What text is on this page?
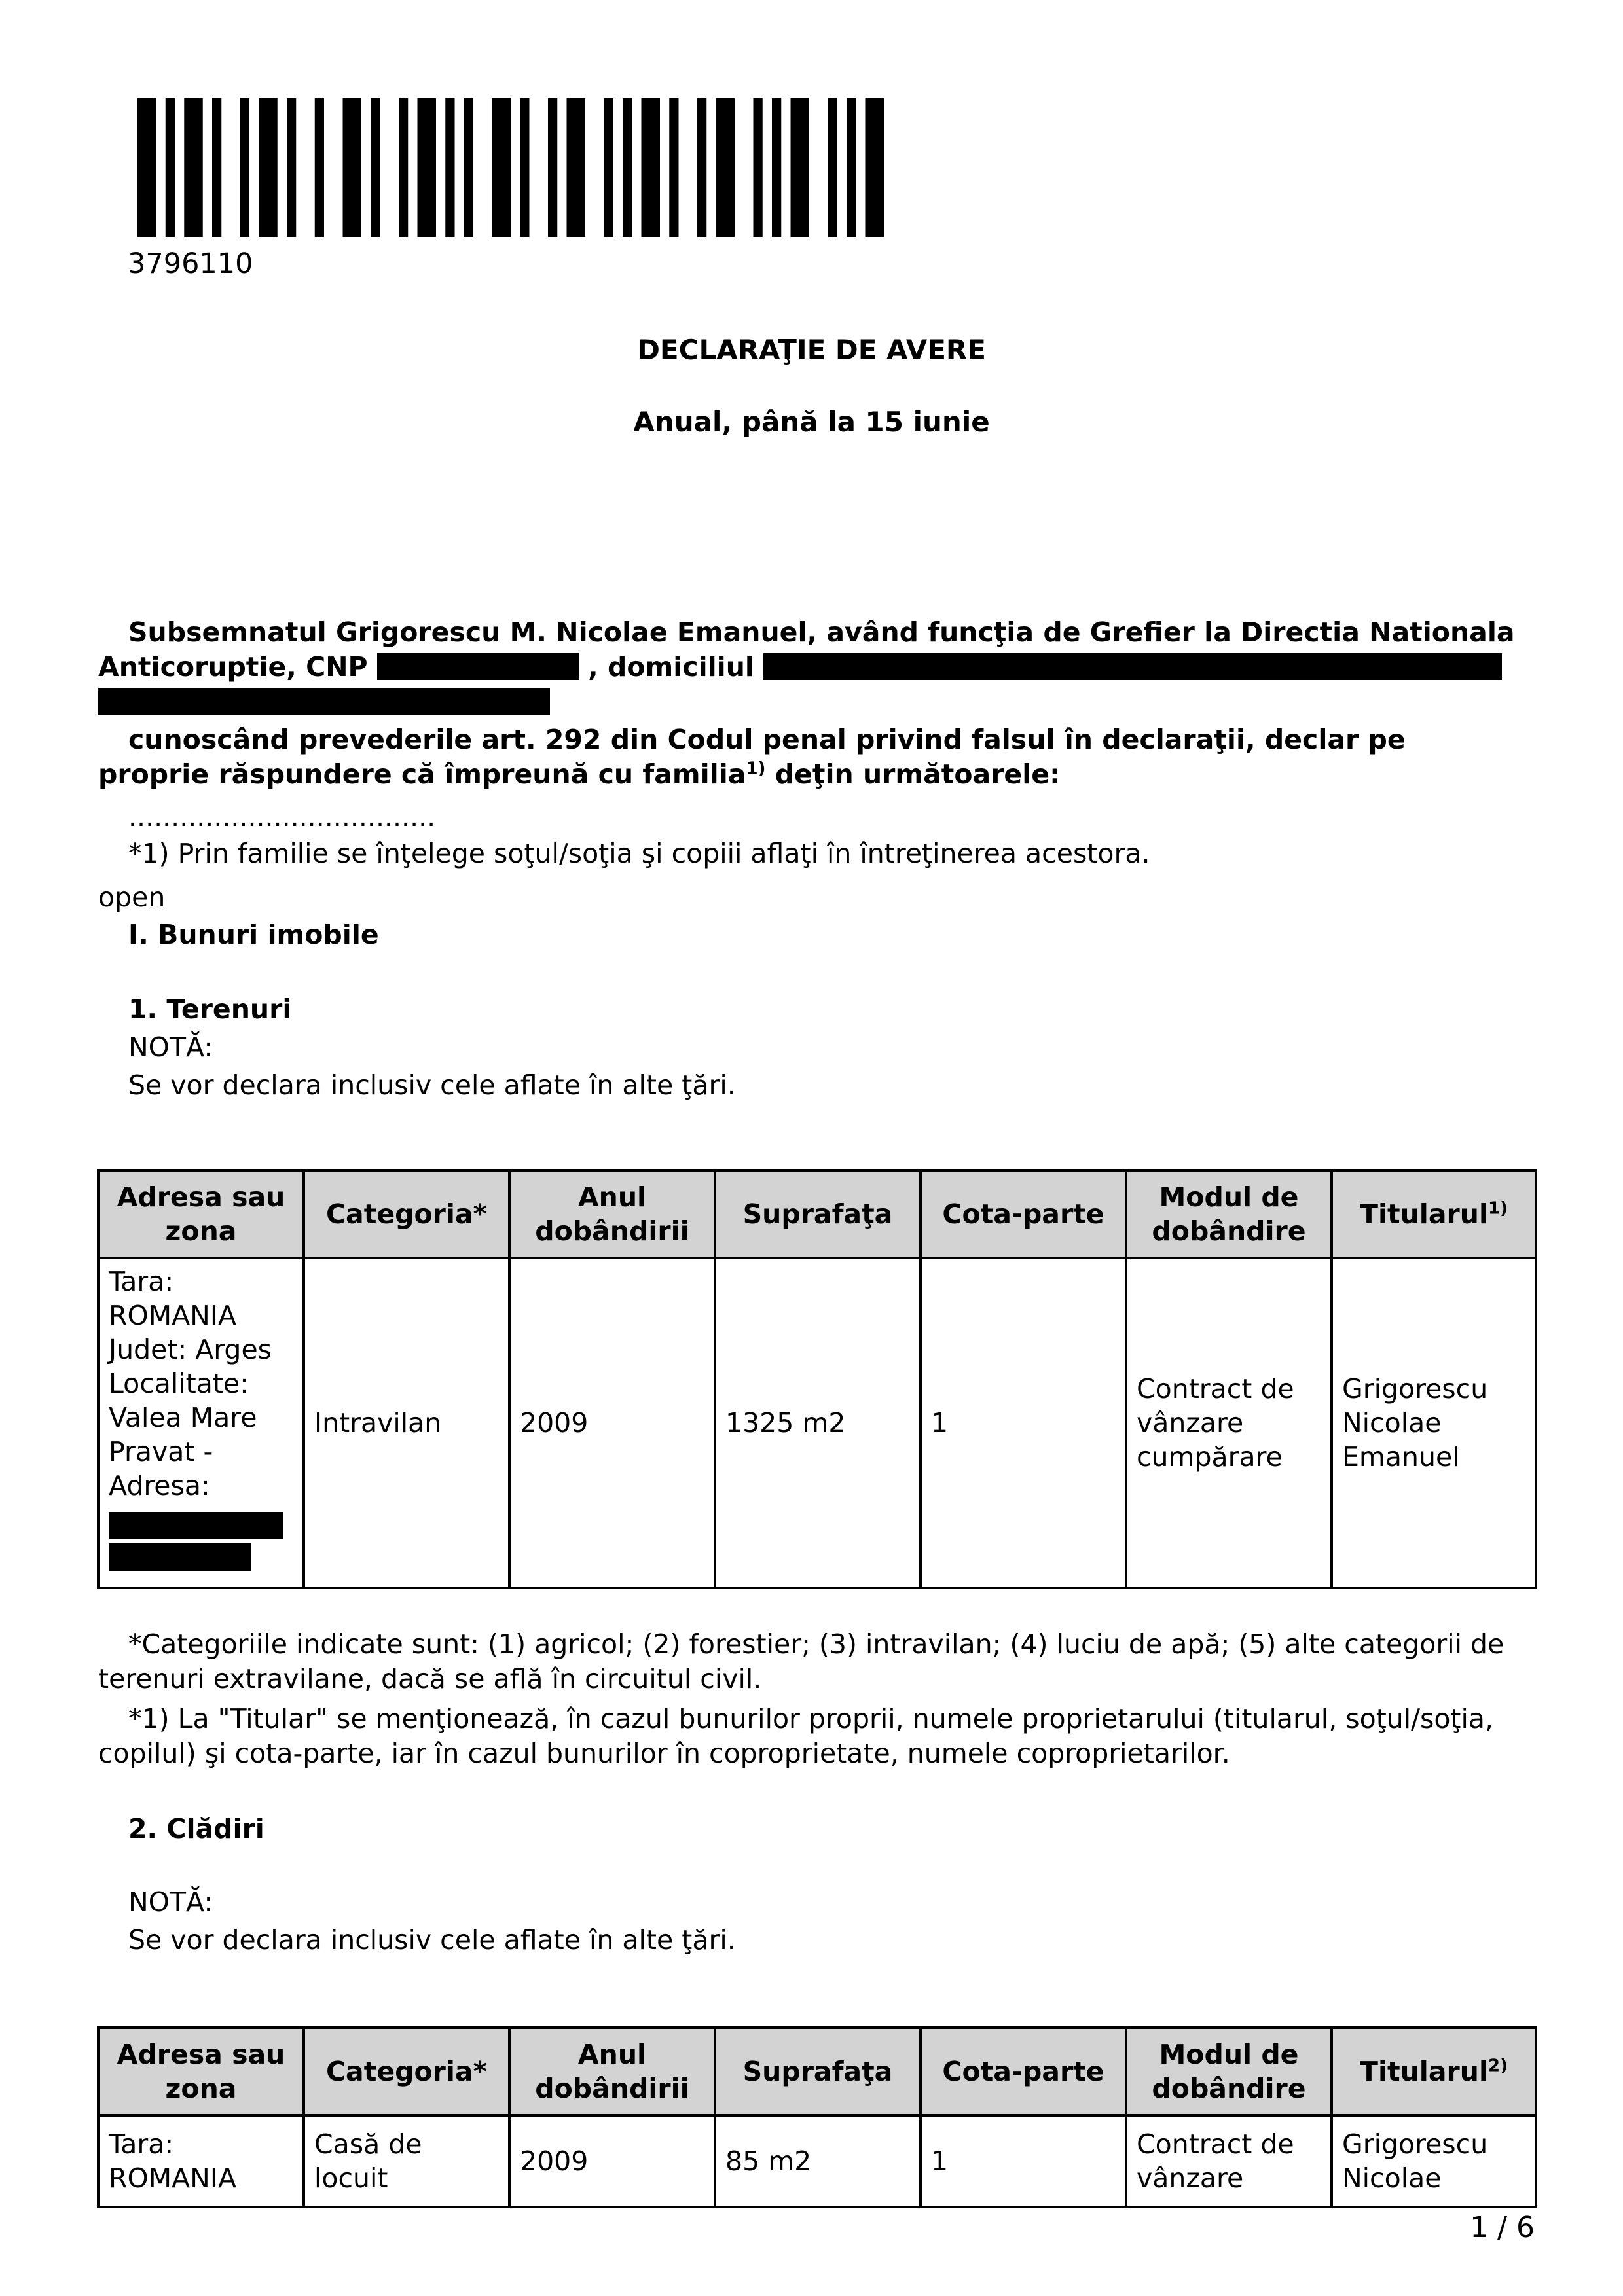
3796110
DECLARAŢIE DE AVERE
Anual, până la 15 iunie
Subsemnatul Grigorescu M. Nicolae Emanuel, având funcţia de Grefier la Directia Nationala Anticoruptie, CNP	, domiciliul
cunoscând prevederile art. 292 din Codul penal privind falsul în declaraţii, declar pe proprie răspundere că împreună cu familia$^{1)}$ deţin următoarele:
....................................
*1) Prin familie se înţelege soţul/soţia şi copiii aflaţi în întreţinerea acestora.
open
I. Bunuri imobile
1. Terenuri
NOTĂ:
Se vor declara inclusiv cele aflate în alte ţări.
Adresa sau zona	Categoria*	Anul dobândirii	Suprafaţa	Cota-parte	Modul de dobândire	Titularul$^{1)}$
Tara: ROMANIA Judet: Arges Localitate: Valea Mare Pravat - Adresa:	Intravilan	2009	1325 m2	1	Contract de vânzare cumpărare	Grigorescu Nicolae Emanuel
*Categoriile indicate sunt: (1) agricol; (2) forestier; (3) intravilan; (4) luciu de apă; (5) alte categorii de terenuri extravilane, dacă se află în circuitul civil.
*1) La "Titular" se menţionează, în cazul bunurilor proprii, numele proprietarului (titularul, soţul/soţia, copilul) şi cota-parte, iar în cazul bunurilor în coproprietate, numele coproprietarilor.
2. Clădiri
NOTĂ:
Se vor declara inclusiv cele aflate în alte ţări.
Adresa sau zona	Categoria*	Anul dobândirii	Suprafaţa	Cota-parte	Modul de dobândire	Titularul$^{2)}$
Tara: ROMANIA	Casă de locuit	2009	85 m2	1	Contract de vânzare	Grigorescu Nicolae
1 / 6
